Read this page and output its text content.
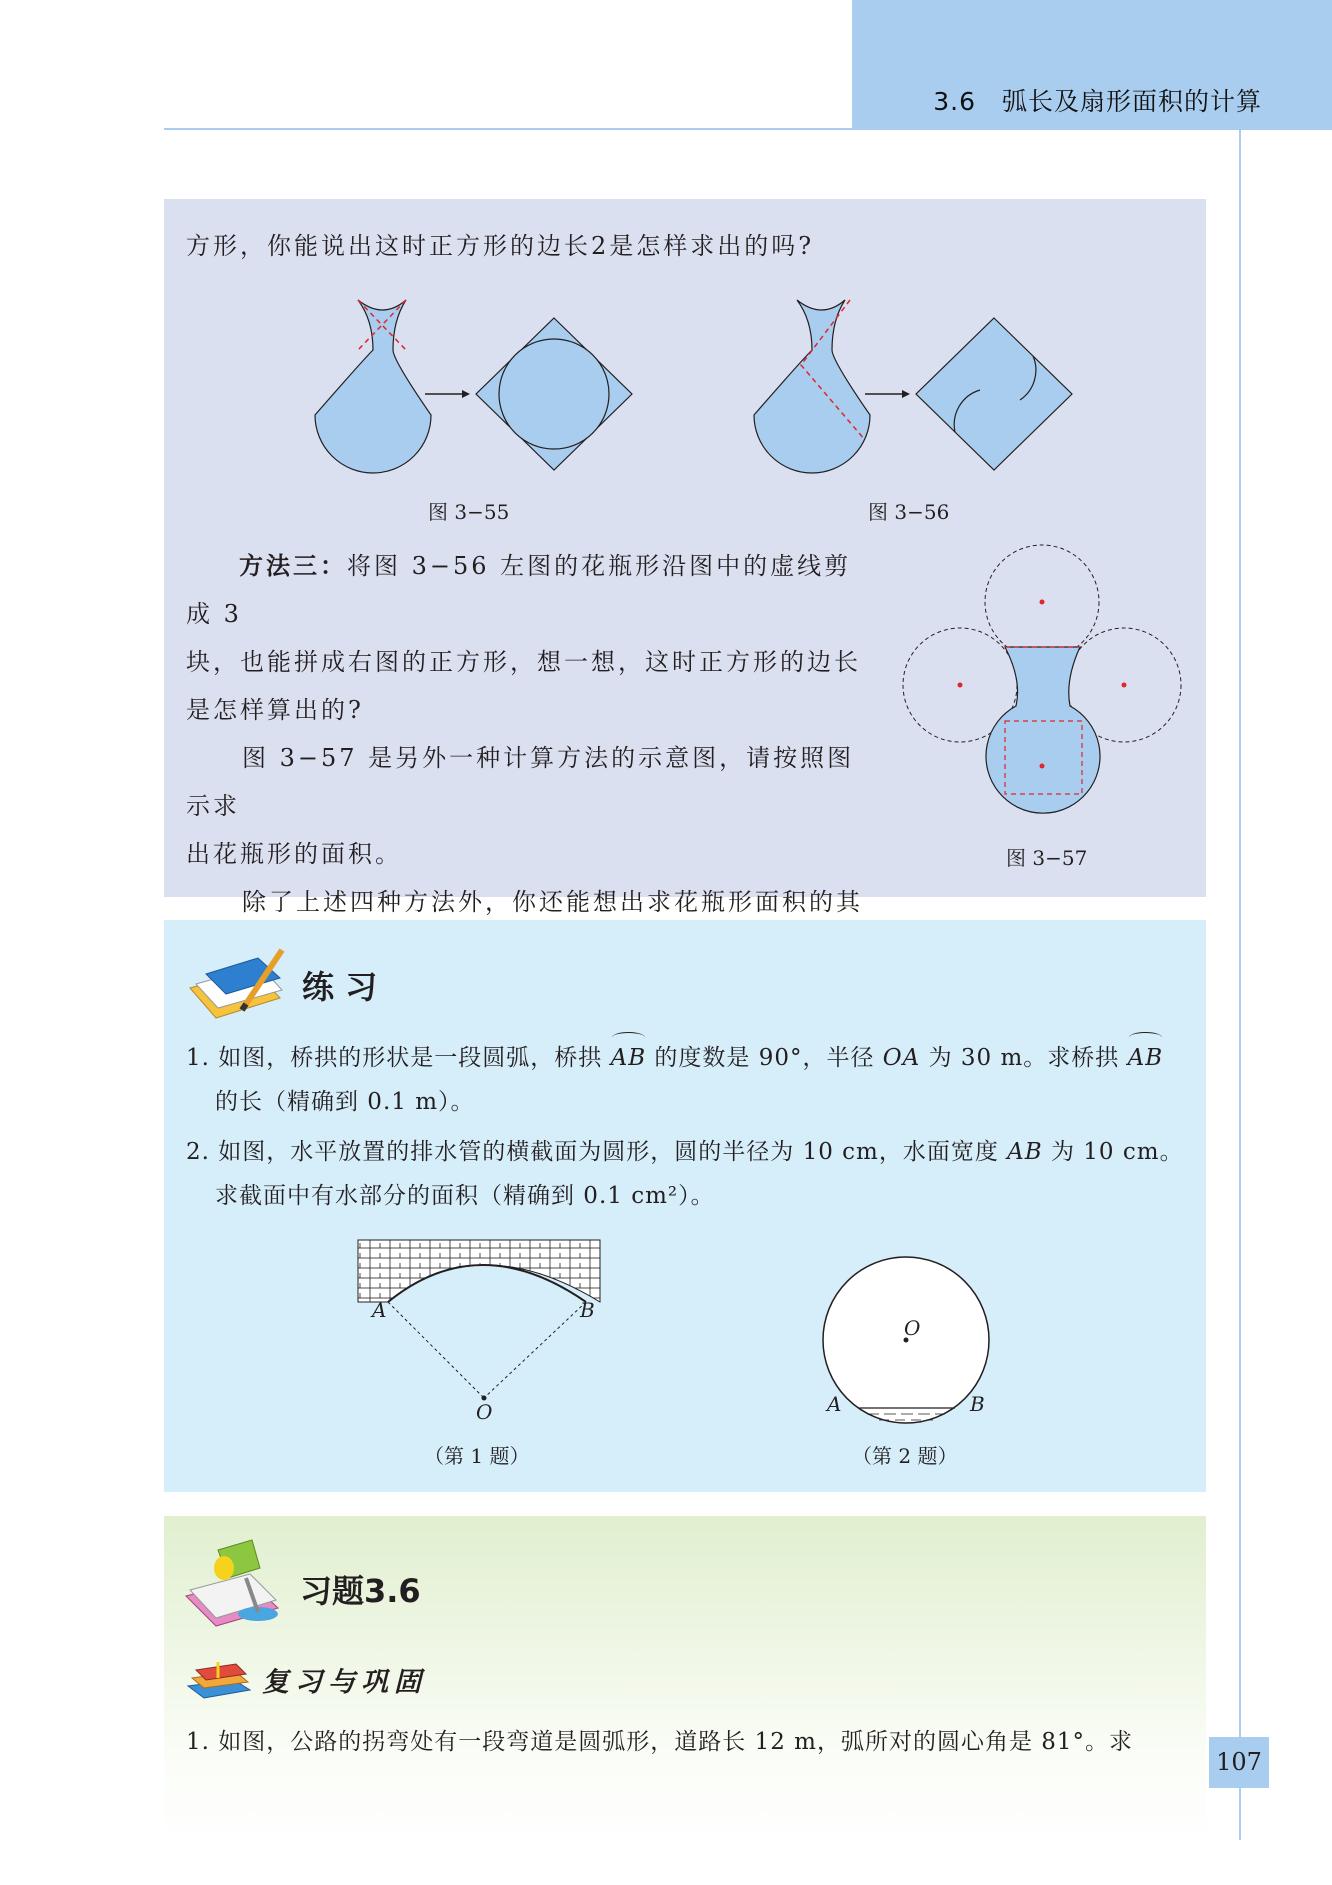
3.6　弧长及扇形面积的计算
方形，你能说出这时正方形的边长2是怎样求出的吗?
图 3−55	图 3−56
方法三：将图 3−56 左图的花瓶形沿图中的虚线剪成 3
块，也能拼成右图的正方形，想一想，这时正方形的边长
是怎样算出的?
图 3−57 是另外一种计算方法的示意图，请按照图示求
出花瓶形的面积。
除了上述四种方法外，你还能想出求花瓶形面积的其
图 3−57
练 习
1. 如图，桥拱的形状是一段圆弧，桥拱 AB 的度数是 90°，半径 OA 为 30 m。求桥拱 AB
的长（精确到 0.1 m）。
2. 如图，水平放置的排水管的横截面为圆形，圆的半径为 10 cm，水面宽度 AB 为 10 cm。
求截面中有水部分的面积（精确到 0.1 cm²）。
A	B
O
（第 1 题）
O
A	B
（第 2 题）
习题3.6
复习与巩固
1. 如图，公路的拐弯处有一段弯道是圆弧形，道路长 12 m，弧所对的圆心角是 81°。求
107
